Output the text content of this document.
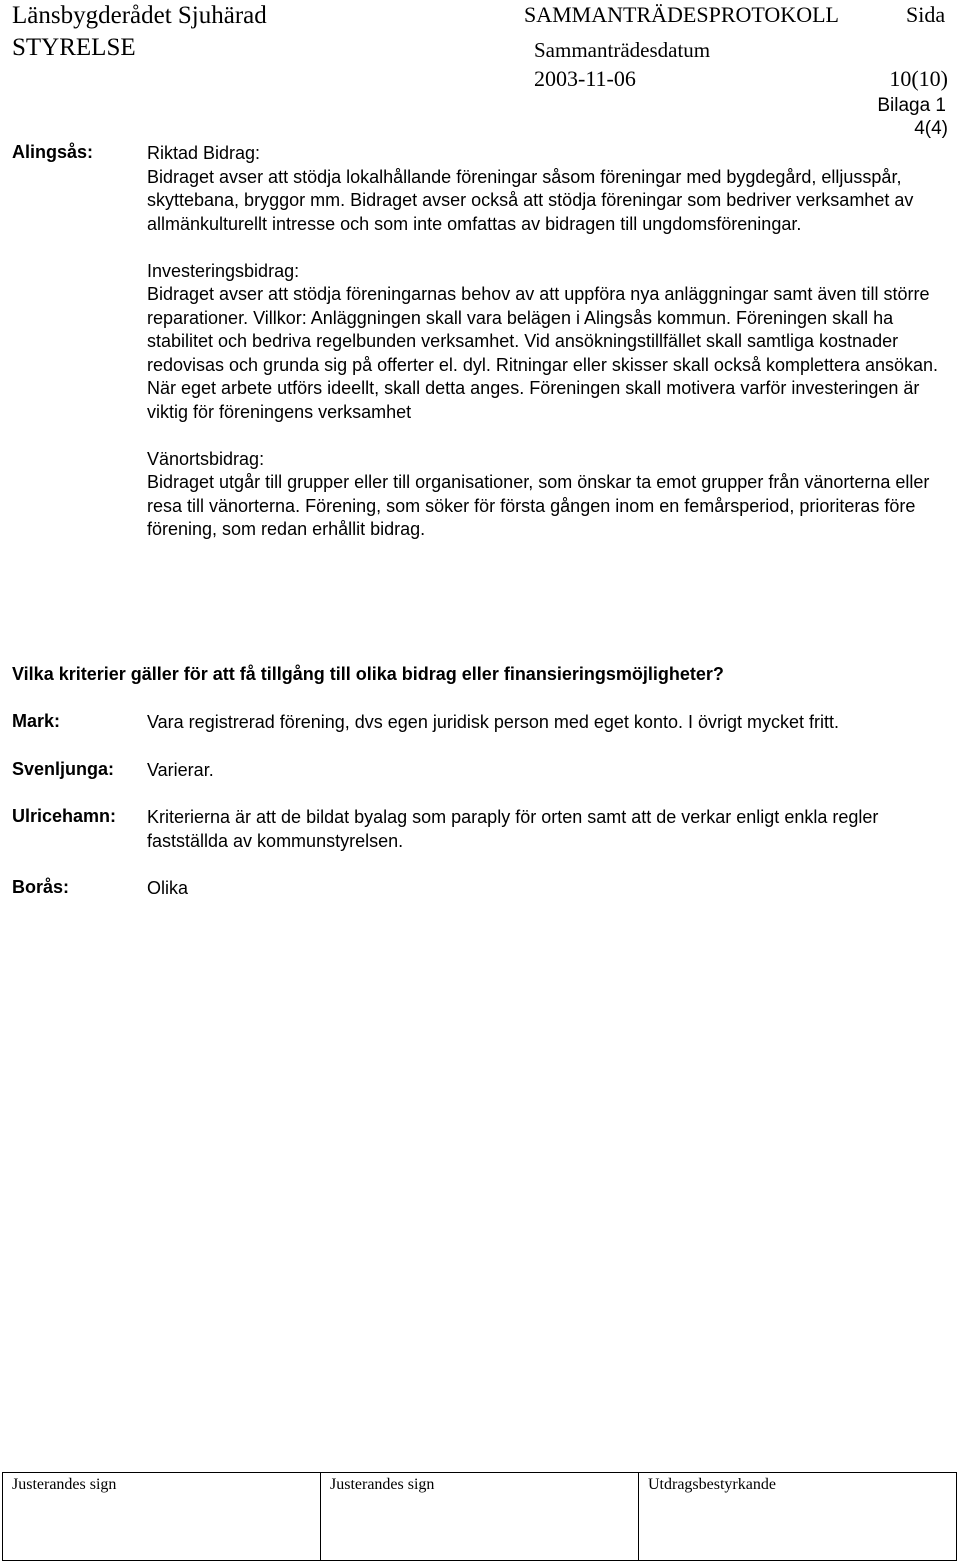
Länsbygderådet Sjuhärad
STYRELSE
SAMMANTRÄDESPROTOKOLL	Sida
Sammanträdesdatum
2003-11-06	10(10)
Bilaga 1
4(4)
Alingsås:	Riktad Bidrag:
Bidraget avser att stödja lokalhållande föreningar såsom föreningar med bygdegård, elljusspår, skyttebana, bryggor mm. Bidraget avser också att stödja föreningar som bedriver verksamhet av allmänkulturellt intresse och som inte omfattas av bidragen till ungdomsföreningar.

Investeringsbidrag:
Bidraget avser att stödja föreningarnas behov av att uppföra nya anläggningar samt även till större reparationer. Villkor: Anläggningen skall vara belägen i Alingsås kommun. Föreningen skall ha stabilitet och bedriva regelbunden verksamhet. Vid ansökningstillfället skall samtliga kostnader redovisas och grunda sig på offerter el. dyl. Ritningar eller skisser skall också komplettera ansökan. När eget arbete utförs ideellt, skall detta anges. Föreningen skall motivera varför investeringen är viktig för föreningens verksamhet

Vänortsbidrag:
Bidraget utgår till grupper eller till organisationer, som önskar ta emot grupper från vänorterna eller resa till vänorterna. Förening, som söker för första gången inom en femårsperiod, prioriteras före förening, som redan erhållit bidrag.

Vilka kriterier gäller för att få tillgång till olika bidrag eller finansieringsmöjligheter?
Mark:	Vara registrerad förening, dvs egen juridisk person med eget konto. I övrigt mycket fritt.
Svenljunga: Varierar.
Ulricehamn: Kriterierna är att de bildat byalag som paraply för orten samt att de verkar enligt enkla regler fastställda av kommunstyrelsen.
Borås:	Olika
Justerandes sign	Justerandes sign	Utdragsbestyrkande
